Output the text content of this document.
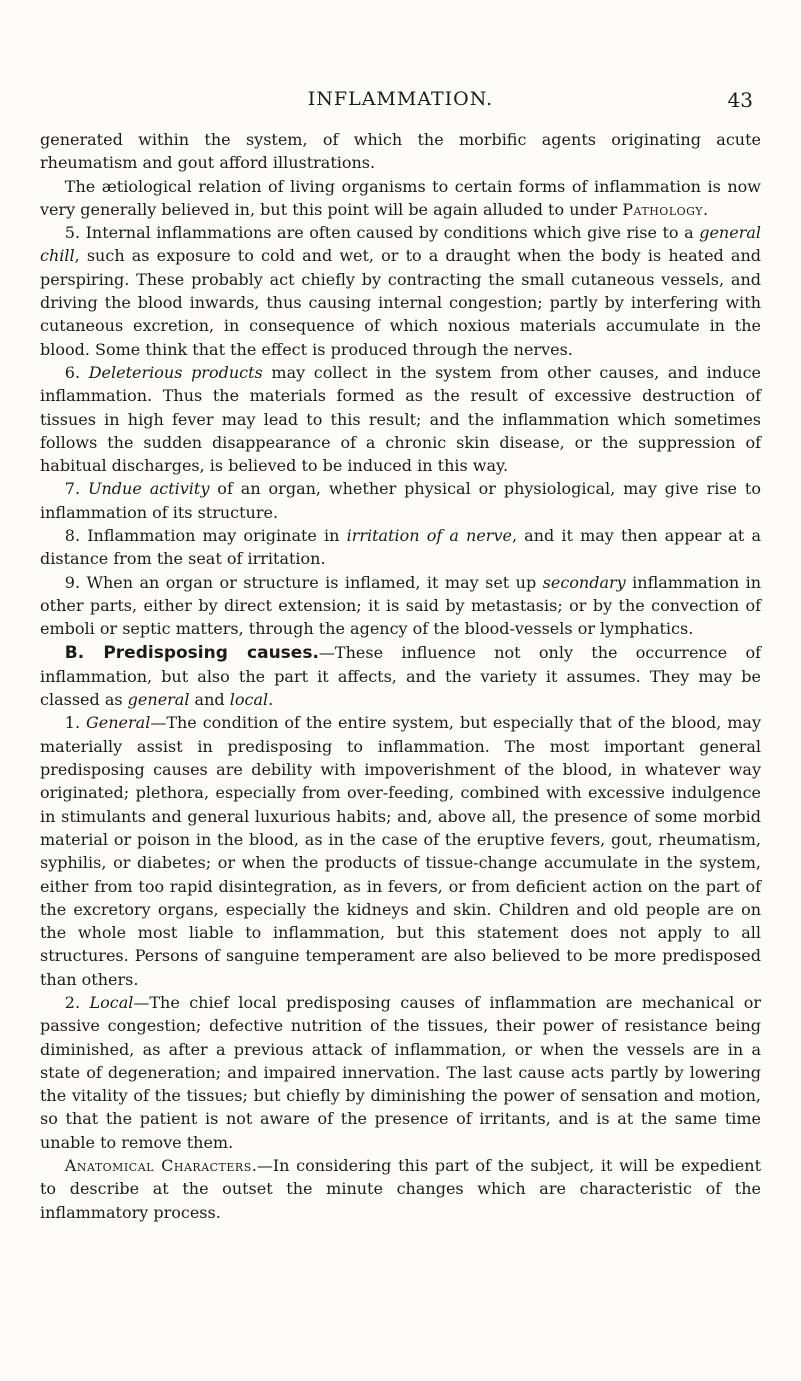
INFLAMMATION.	43

generated within the system, of which the morbific agents originating acute rheumatism and gout afford illustrations.

The ætiological relation of living organisms to certain forms of inflammation is now very generally believed in, but this point will be again alluded to under Pathology.

5. Internal inflammations are often caused by conditions which give rise to a general chill, such as exposure to cold and wet, or to a draught when the body is heated and perspiring. These probably act chiefly by contracting the small cutaneous vessels, and driving the blood inwards, thus causing internal congestion; partly by interfering with cutaneous excretion, in consequence of which noxious materials accumulate in the blood. Some think that the effect is produced through the nerves.

6. Deleterious products may collect in the system from other causes, and induce inflammation. Thus the materials formed as the result of excessive destruction of tissues in high fever may lead to this result; and the inflammation which sometimes follows the sudden disappearance of a chronic skin disease, or the suppression of habitual discharges, is believed to be induced in this way.

7. Undue activity of an organ, whether physical or physiological, may give rise to inflammation of its structure.

8. Inflammation may originate in irritation of a nerve, and it may then appear at a distance from the seat of irritation.

9. When an organ or structure is inflamed, it may set up secondary inflammation in other parts, either by direct extension; it is said by metastasis; or by the convection of emboli or septic matters, through the agency of the blood-vessels or lymphatics.

B. Predisposing causes.—These influence not only the occurrence of inflammation, but also the part it affects, and the variety it assumes. They may be classed as general and local.

1. General—The condition of the entire system, but especially that of the blood, may materially assist in predisposing to inflammation. The most important general predisposing causes are debility with impoverishment of the blood, in whatever way originated; plethora, especially from over-feeding, combined with excessive indulgence in stimulants and general luxurious habits; and, above all, the presence of some morbid material or poison in the blood, as in the case of the eruptive fevers, gout, rheumatism, syphilis, or diabetes; or when the products of tissue-change accumulate in the system, either from too rapid disintegration, as in fevers, or from deficient action on the part of the excretory organs, especially the kidneys and skin. Children and old people are on the whole most liable to inflammation, but this statement does not apply to all structures. Persons of sanguine temperament are also believed to be more predisposed than others.

2. Local—The chief local predisposing causes of inflammation are mechanical or passive congestion; defective nutrition of the tissues, their power of resistance being diminished, as after a previous attack of inflammation, or when the vessels are in a state of degeneration; and impaired innervation. The last cause acts partly by lowering the vitality of the tissues; but chiefly by diminishing the power of sensation and motion, so that the patient is not aware of the presence of irritants, and is at the same time unable to remove them.

Anatomical Characters.—In considering this part of the subject, it will be expedient to describe at the outset the minute changes which are characteristic of the inflammatory process.
